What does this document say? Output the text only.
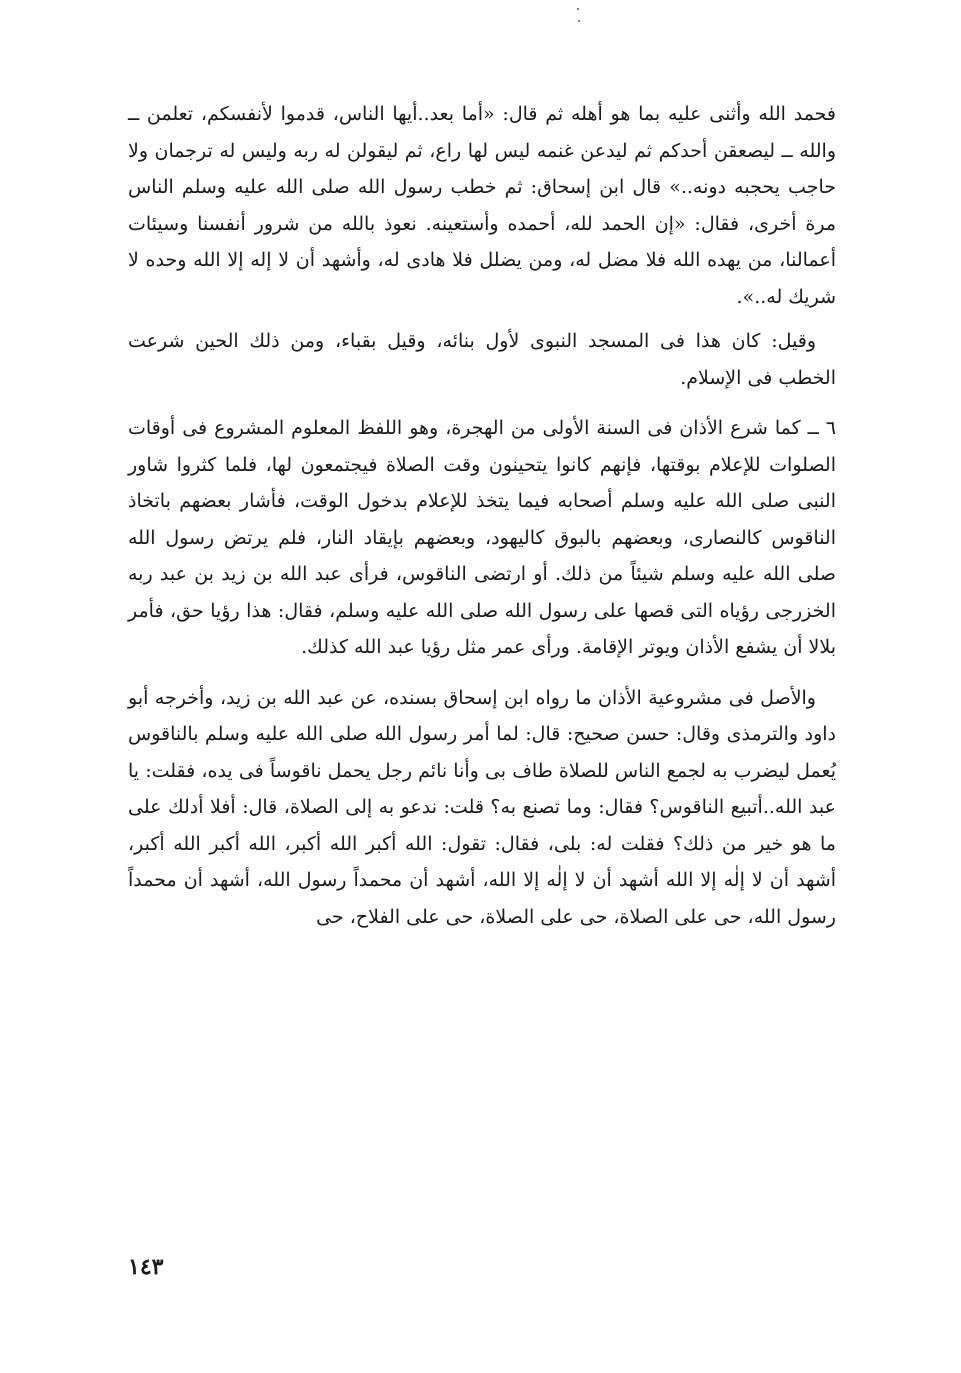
فحمد الله وأثنى عليه بما هو أهله ثم قال: «أما بعد..أيها الناس، قدموا لأنفسكم، تعلمن ــ والله ــ ليصعقن أحدكم ثم ليدعن غنمه ليس لها راع، ثم ليقولن له ربه وليس له ترجمان ولا حاجب يحجبه دونه..» قال ابن إسحاق: ثم خطب رسول الله صلى الله عليه وسلم الناس مرة أخرى، فقال: «إن الحمد لله، أحمده وأستعينه. نعوذ بالله من شرور أنفسنا وسيئات أعمالنا، من يهده الله فلا مضل له، ومن يضلل فلا هادى له، وأشهد أن لا إله إلا الله وحده لا شريك له..».

وقيل: كان هذا فى المسجد النبوى لأول بنائه، وقيل بقباء، ومن ذلك الحين شرعت الخطب فى الإسلام.

٦ ــ كما شرع الأذان فى السنة الأولى من الهجرة، وهو اللفظ المعلوم المشروع فى أوقات الصلوات للإعلام بوقتها، فإنهم كانوا يتحينون وقت الصلاة فيجتمعون لها، فلما كثروا شاور النبى صلى الله عليه وسلم أصحابه فيما يتخذ للإعلام بدخول الوقت، فأشار بعضهم باتخاذ الناقوس كالنصارى، وبعضهم بالبوق كاليهود، وبعضهم بإيقاد النار، فلم يرتض رسول الله صلى الله عليه وسلم شيئاً من ذلك. أو ارتضى الناقوس، فرأى عبد الله بن زيد بن عبد ربه الخزرجى رؤياه التى قصها على رسول الله صلى الله عليه وسلم، فقال: هذا رؤيا حق، فأمر بلالا أن يشفع الأذان ويوتر الإقامة. ورأى عمر مثل رؤيا عبد الله كذلك.

والأصل فى مشروعية الأذان ما رواه ابن إسحاق بسنده، عن عبد الله بن زيد، وأخرجه أبو داود والترمذى وقال: حسن صحيح: قال: لما أمر رسول الله صلى الله عليه وسلم بالناقوس يُعمل ليضرب به لجمع الناس للصلاة طاف بى وأنا نائم رجل يحمل ناقوساً فى يده، فقلت: يا عبد الله..أتبيع الناقوس؟ فقال: وما تصنع به؟ قلت: ندعو به إلى الصلاة، قال: أفلا أدلك على ما هو خير من ذلك؟ فقلت له: بلى، فقال: تقول: الله أكبر الله أكبر، الله أكبر الله أكبر، أشهد أن لا إلٰه إلا الله أشهد أن لا إلٰه إلا الله، أشهد أن محمداً رسول الله، أشهد أن محمداً رسول الله، حى على الصلاة، حى على الصلاة، حى على الفلاح، حى

١٤٣
